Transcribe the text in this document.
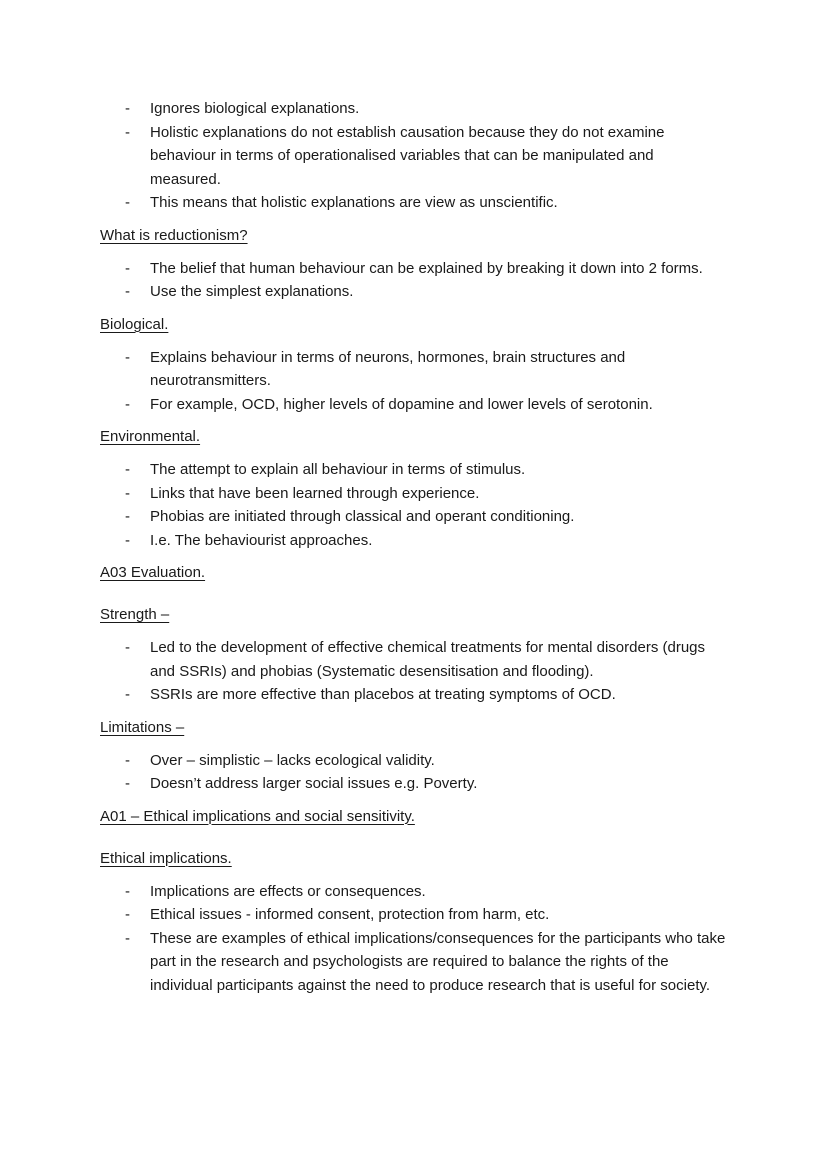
- Ignores biological explanations.
- Holistic explanations do not establish causation because they do not examine behaviour in terms of operationalised variables that can be manipulated and measured.
- This means that holistic explanations are view as unscientific.
What is reductionism?
- The belief that human behaviour can be explained by breaking it down into 2 forms.
- Use the simplest explanations.
Biological.
- Explains behaviour in terms of neurons, hormones, brain structures and neurotransmitters.
- For example, OCD, higher levels of dopamine and lower levels of serotonin.
Environmental.
- The attempt to explain all behaviour in terms of stimulus.
- Links that have been learned through experience.
- Phobias are initiated through classical and operant conditioning.
- I.e. The behaviourist approaches.
A03 Evaluation.
Strength –
- Led to the development of effective chemical treatments for mental disorders (drugs and SSRIs) and phobias (Systematic desensitisation and flooding).
- SSRIs are more effective than placebos at treating symptoms of OCD.
Limitations –
- Over – simplistic – lacks ecological validity.
- Doesn’t address larger social issues e.g. Poverty.
A01 – Ethical implications and social sensitivity.
Ethical implications.
- Implications are effects or consequences.
- Ethical issues - informed consent, protection from harm, etc.
- These are examples of ethical implications/consequences for the participants who take part in the research and psychologists are required to balance the rights of the individual participants against the need to produce research that is useful for society.
